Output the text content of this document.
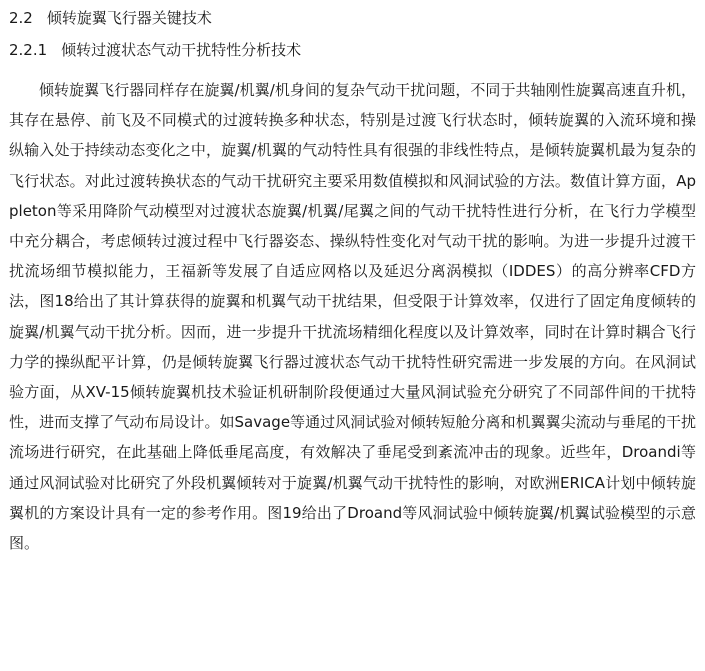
2.2 倾转旋翼飞行器关键技术
2.2.1 倾转过渡状态气动干扰特性分析技术

倾转旋翼飞行器同样存在旋翼/机翼/机身间的复杂气动干扰问题，不同于共轴刚性旋翼高速直升机，其存在悬停、前飞及不同模式的过渡转换多种状态，特别是过渡飞行状态时，倾转旋翼的入流环境和操纵输入处于持续动态变化之中，旋翼/机翼的气动特性具有很强的非线性特点，是倾转旋翼机最为复杂的飞行状态。对此过渡转换状态的气动干扰研究主要采用数值模拟和风洞试验的方法。数值计算方面，Appleton等采用降阶气动模型对过渡状态旋翼/机翼/尾翼之间的气动干扰特性进行分析，在飞行力学模型中充分耦合，考虑倾转过渡过程中飞行器姿态、操纵特性变化对气动干扰的影响。为进一步提升过渡干扰流场细节模拟能力，王福新等发展了自适应网格以及延迟分离涡模拟（IDDES）的高分辨率CFD方法，图18给出了其计算获得的旋翼和机翼气动干扰结果，但受限于计算效率，仅进行了固定角度倾转的旋翼/机翼气动干扰分析。因而，进一步提升干扰流场精细化程度以及计算效率，同时在计算时耦合飞行力学的操纵配平计算，仍是倾转旋翼飞行器过渡状态气动干扰特性研究需进一步发展的方向。在风洞试验方面，从XV-15倾转旋翼机技术验证机研制阶段便通过大量风洞试验充分研究了不同部件间的干扰特性，进而支撑了气动布局设计。如Savage等通过风洞试验对倾转短舱分离和机翼翼尖流动与垂尾的干扰流场进行研究，在此基础上降低垂尾高度，有效解决了垂尾受到紊流冲击的现象。近些年，Droandi等通过风洞试验对比研究了外段机翼倾转对于旋翼/机翼气动干扰特性的影响，对欧洲ERICA计划中倾转旋翼机的方案设计具有一定的参考作用。图19给出了Droand等风洞试验中倾转旋翼/机翼试验模型的示意图。
